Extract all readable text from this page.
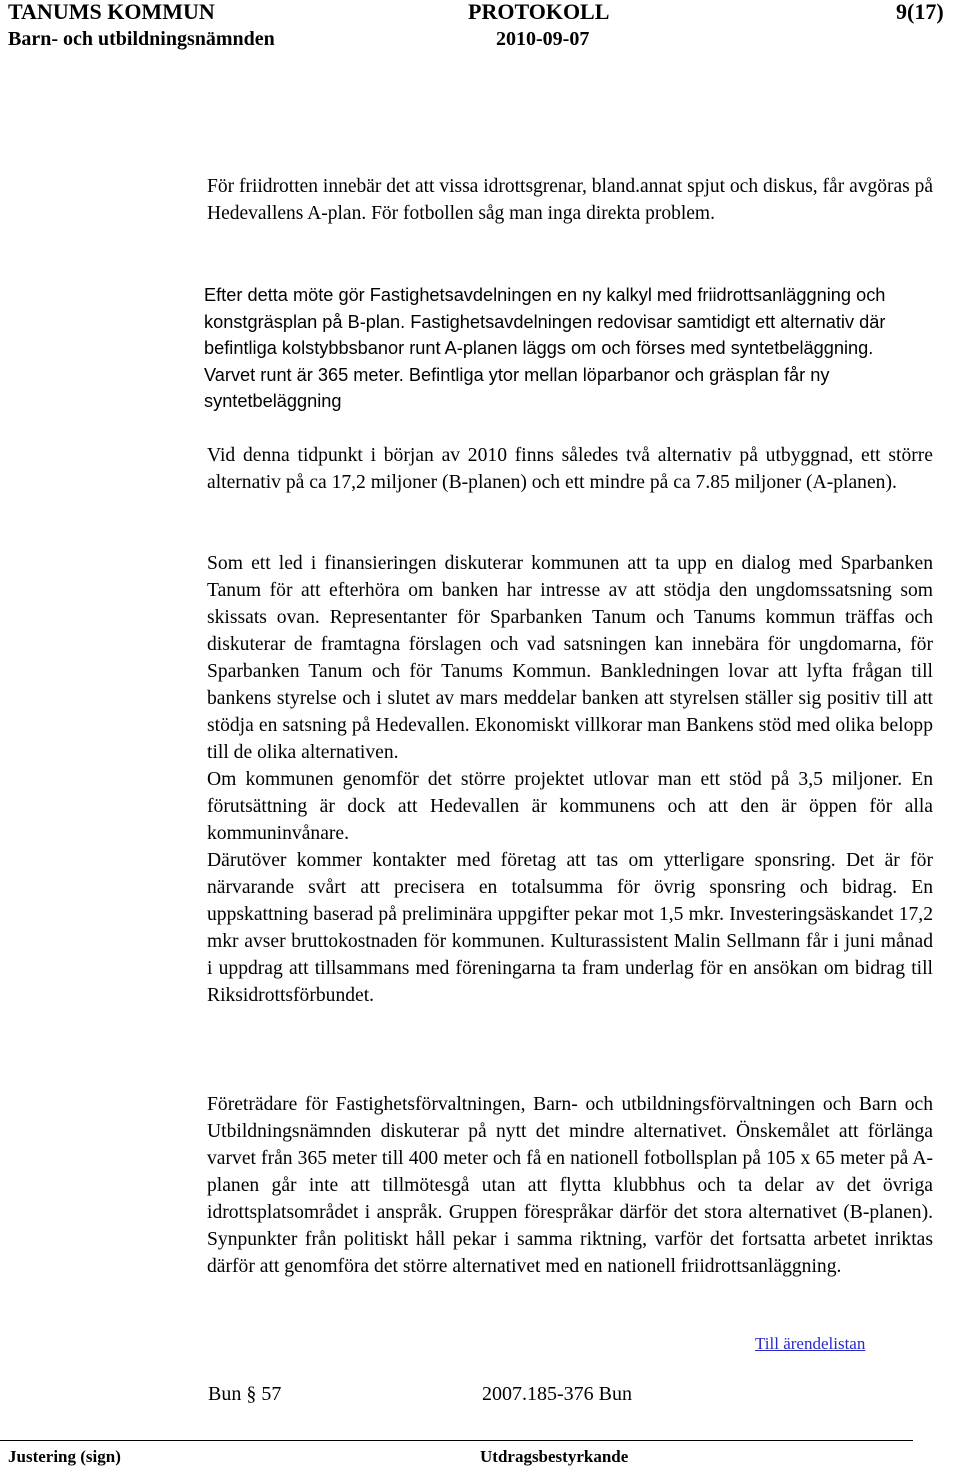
TANUMS KOMMUN	PROTOKOLL	9(17)
Barn- och utbildningsnämnden	2010-09-07

För friidrotten innebär det att vissa idrottsgrenar, bland.annat spjut och diskus, får avgöras på Hedevallens A-plan. För fotbollen såg man inga direkta problem.

Efter detta möte gör Fastighetsavdelningen en ny kalkyl med friidrottsanläggning och konstgräsplan på B-plan. Fastighetsavdelningen redovisar samtidigt ett alternativ där befintliga kolstybbsbanor runt A-planen läggs om och förses med syntetbeläggning. Varvet runt är 365 meter. Befintliga ytor mellan löparbanor och gräsplan får ny syntetbeläggning

Vid denna tidpunkt i början av 2010 finns således två alternativ på utbyggnad, ett större alternativ på ca 17,2 miljoner (B-planen) och ett mindre på ca 7.85 miljoner (A-planen).

Som ett led i finansieringen diskuterar kommunen att ta upp en dialog med Sparbanken Tanum för att efterhöra om banken har intresse av att stödja den ungdomssatsning som skissats ovan. Representanter för Sparbanken Tanum och Tanums kommun träffas och diskuterar de framtagna förslagen och vad satsningen kan innebära för ungdomarna, för Sparbanken Tanum och för Tanums Kommun. Bankledningen lovar att lyfta frågan till bankens styrelse och i slutet av mars meddelar banken att styrelsen ställer sig positiv till att stödja en satsning på Hedevallen. Ekonomiskt villkorar man Bankens stöd med olika belopp till de olika alternativen.

Om kommunen genomför det större projektet utlovar man ett stöd på 3,5 miljoner. En förutsättning är dock att Hedevallen är kommunens och att den är öppen för alla kommuninvånare.

Därutöver kommer kontakter med företag att tas om ytterligare sponsring. Det är för närvarande svårt att precisera en totalsumma för övrig sponsring och bidrag. En uppskattning baserad på preliminära uppgifter pekar mot 1,5 mkr. Investeringsäskandet 17,2 mkr avser bruttokostnaden för kommunen. Kulturassistent Malin Sellmann får i juni månad i uppdrag att tillsammans med föreningarna ta fram underlag för en ansökan om bidrag till Riksidrottsförbundet.

Företrädare för Fastighetsförvaltningen, Barn- och utbildningsförvaltningen och Barn och Utbildningsnämnden diskuterar på nytt det mindre alternativet. Önskemålet att förlänga varvet från 365 meter till 400 meter och få en nationell fotbollsplan på 105 x 65 meter på A-planen går inte att tillmötesgå utan att flytta klubbhus och ta delar av det övriga idrottsplatsområdet i anspråk. Gruppen förespråkar därför det stora alternativet (B-planen). Synpunkter från politiskt håll pekar i samma riktning, varför det fortsatta arbetet inriktas därför att genomföra det större alternativet med en nationell friidrottsanläggning.

Till ärendelistan
Bun § 57	2007.185-376 Bun
Justering (sign)	Utdragsbestyrkande
